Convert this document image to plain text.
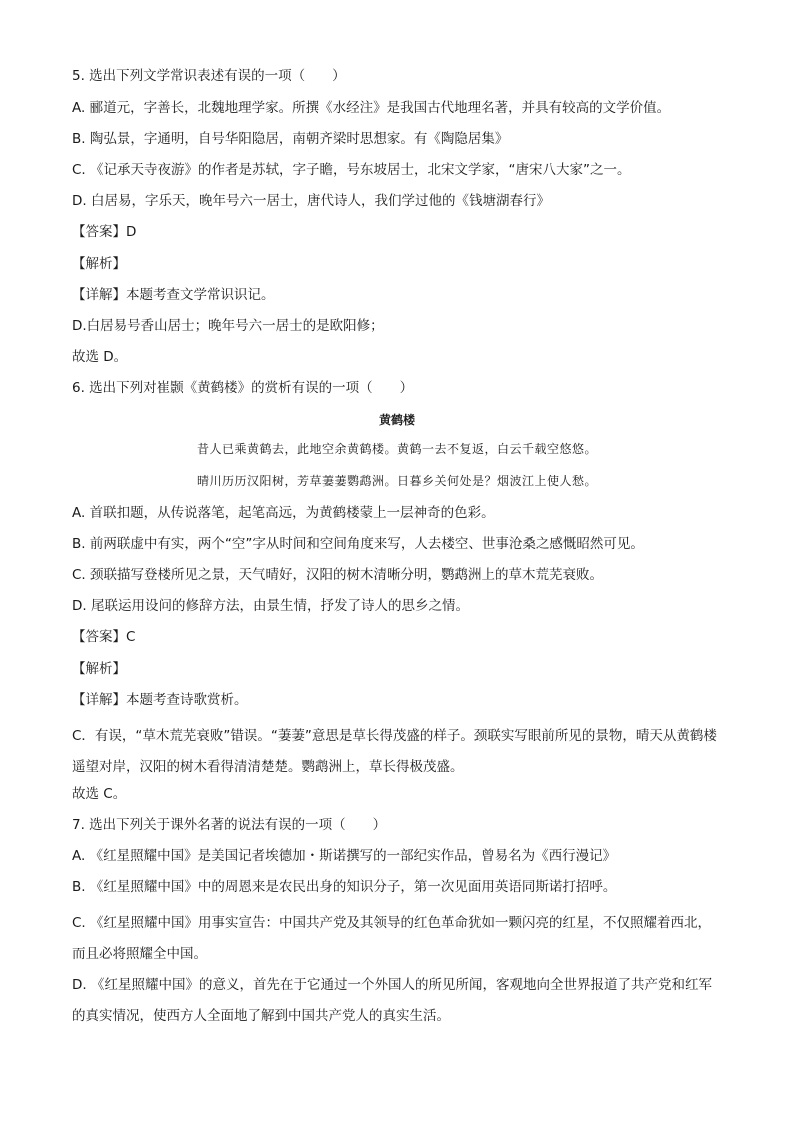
5. 选出下列文学常识表述有误的一项（　　）
A. 郦道元，字善长，北魏地理学家。所撰《水经注》是我国古代地理名著，并具有较高的文学价值。
B. 陶弘景，字通明，自号华阳隐居，南朝齐梁时思想家。有《陶隐居集》
C. 《记承天寺夜游》的作者是苏轼，字子瞻，号东坡居士，北宋文学家，“唐宋八大家”之一。
D. 白居易，字乐天，晚年号六一居士，唐代诗人，我们学过他的《钱塘湖春行》
【答案】D
【解析】
【详解】本题考查文学常识识记。
D.白居易号香山居士；晚年号六一居士的是欧阳修；
故选 D。
6. 选出下列对崔颢《黄鹤楼》的赏析有误的一项（　　）
黄鹤楼
昔人已乘黄鹤去，此地空余黄鹤楼。黄鹤一去不复返，白云千载空悠悠。
晴川历历汉阳树，芳草萋萋鹦鹉洲。日暮乡关何处是？烟波江上使人愁。
A. 首联扣题，从传说落笔，起笔高远，为黄鹤楼蒙上一层神奇的色彩。
B. 前两联虚中有实，两个“空”字从时间和空间角度来写，人去楼空、世事沧桑之感慨昭然可见。
C. 颈联描写登楼所见之景，天气晴好，汉阳的树木清晰分明，鹦鹉洲上的草木荒芜衰败。
D. 尾联运用设问的修辞方法，由景生情，抒发了诗人的思乡之情。
【答案】C
【解析】
【详解】本题考查诗歌赏析。
C．有误，“草木荒芜衰败”错误。“萋萋”意思是草长得茂盛的样子。颈联实写眼前所见的景物，晴天从黄鹤楼遥望对岸，汉阳的树木看得清清楚楚。鹦鹉洲上，草长得极茂盛。
故选 C。
7. 选出下列关于课外名著的说法有误的一项（　　）
A. 《红星照耀中国》是美国记者埃德加・斯诺撰写的一部纪实作品，曾易名为《西行漫记》
B. 《红星照耀中国》中的周恩来是农民出身的知识分子，第一次见面用英语同斯诺打招呼。
C. 《红星照耀中国》用事实宣告：中国共产党及其领导的红色革命犹如一颗闪亮的红星，不仅照耀着西北，而且必将照耀全中国。
D. 《红星照耀中国》的意义，首先在于它通过一个外国人的所见所闻，客观地向全世界报道了共产党和红军的真实情况，使西方人全面地了解到中国共产党人的真实生活。
